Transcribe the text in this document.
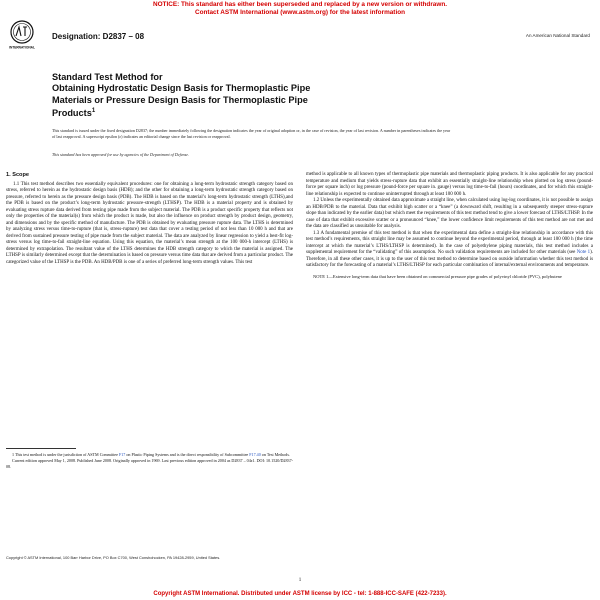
NOTICE: This standard has either been superseded and replaced by a new version or withdrawn.
Contact ASTM International (www.astm.org) for the latest information
INTERNATIONAL
Designation: D2837 – 08	An American National Standard
Standard Test Method for
Obtaining Hydrostatic Design Basis for Thermoplastic Pipe
Materials or Pressure Design Basis for Thermoplastic Pipe
Products$^1$
This standard is issued under the fixed designation D2837; the number immediately following the designation indicates the year of original adoption or, in the case of revision, the year of last revision. A number in parentheses indicates the year of last reapproval. A superscript epsilon (ε) indicates an editorial change since the last revision or reapproval.
This standard has been approved for use by agencies of the Department of Defense.

1. Scope

1.1 This test method describes two essentially equivalent procedures: one for obtaining a long-term hydrostatic strength category based on stress, referred to herein as the hydrostatic design basis (HDB); and the other for obtaining a long-term hydrostatic strength category based on pressure, referred to herein as the pressure design basis (PDB). The HDB is based on the material’s long-term hydrostatic strength (LTHS),and the PDB is based on the product’s long-term hydrostatic pressure-strength (LTHSP). The HDB is a material property and is obtained by evaluating stress rupture data derived from testing pipe made from the subject material. The PDB is a product specific property that reflects not only the properties of the material(s) from which the product is made, but also the influence on product strength by product design, geometry, and dimensions and by the specific method of manufacture. The PDB is obtained by evaluating pressure rupture data. The LTHS is determined by analyzing stress versus time-to-rupture (that is, stress-rupture) test data that cover a testing period of not less than 10 000 h and that are derived from sustained pressure testing of pipe made from the subject material. The data are analyzed by linear regression to yield a best-fit log-stress versus log time-to-fail straight-line equation. Using this equation, the material’s mean strength at the 100 000-h intercept (LTHS) is determined by extrapolation. The resultant value of the LTHS determines the HDB strength category to which the material is assigned. The LTHSP is similarly determined except that the determination is based on pressure versus time data that are derived from a particular product. The categorized value of the LTHSP is the PDB. An HDB/PDB is one of a series of preferred long-term strength values. This test

method is applicable to all known types of thermoplastic pipe materials and thermoplastic piping products. It is also applicable for any practical temperature and medium that yields stress-rupture data that exhibit an essentially straight-line relationship when plotted on log stress (pound-force per square inch) or log pressure (pound-force per square in. gauge) versus log time-to-fail (hours) coordinates, and for which this straight-line relationship is expected to continue uninterrupted through at least 100 000 h.

1.2 Unless the experimentally obtained data approximate a straight line, when calculated using log-log coordinates, it is not possible to assign an HDB/PDB to the material. Data that exhibit high scatter or a “knee” (a downward shift, resulting in a subsequently steeper stress-rupture slope than indicated by the earlier data) but which meet the requirements of this test method tend to give a lower forecast of LTHS/LTHSP. In the case of data that exhibit excessive scatter or a pronounced “knee,” the lower confidence limit requirements of this test method are not met and the data are classified as unsuitable for analysis.

1.3 A fundamental premise of this test method is that when the experimental data define a straight-line relationship in accordance with this test method’s requirements, this straight line may be assumed to continue beyond the experimental period, through at least 100 000 h (the time intercept at which the material’s LTHS/LTHSP is determined). In the case of polyethylene piping materials, this test method includes a supplemental requirement for the “validating” of this assumption. No such validation requirements are included for other materials (see Note 1). Therefore, in all these other cases, it is up to the user of this test method to determine based on outside information whether this test method is satisfactory for the forecasting of a material’s LTHS/LTHSP for each particular combination of internal/external environments and temperature.

NOTE 1—Extensive long-term data that have been obtained on commercial pressure pipe grades of polyvinyl chloride (PVC), polybutene

1 This test method is under the jurisdiction of ASTM Committee F17 on Plastic Piping Systems and is the direct responsibility of Subcommittee F17.40 on Test Methods.

Current edition approved May 1, 2008. Published June 2008. Originally approved in 1969. Last previous edition approved in 2004 as D2837 – 04ε1. DOI: 10.1520/D2837-08.

Copyright © ASTM International, 100 Barr Harbor Drive, PO Box C700, West Conshohocken, PA 19428-2959, United States.
1
Copyright ASTM International. Distributed under ASTM license by ICC - tel: 1-888-ICC-SAFE (422-7233).
